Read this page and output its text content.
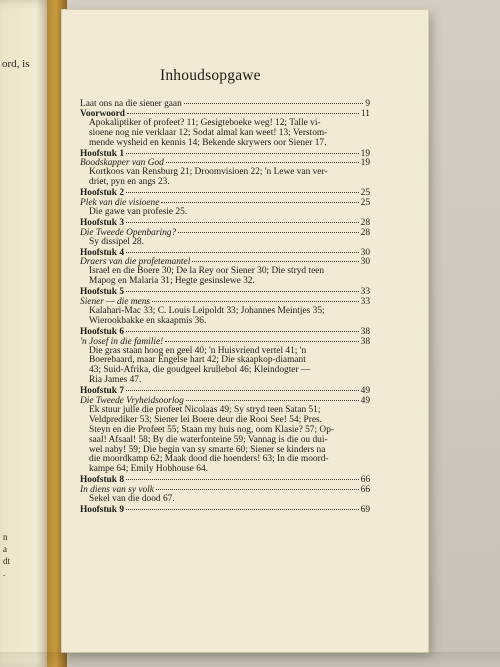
ord, is
n
a
dt
.
Inhoudsopgawe
Laat ons na die siener gaan	9
Voorwoord	11
Apokaliptiker of profeet? 11; Gesigteboeke weg! 12; Talle vi-
sioene nog nie verklaar 12; Sodat almal kan weet! 13; Verstom-
mende wysheid en kennis 14; Bekende skrywers oor Siener 17.
Hoofstuk 1	19
Boodskapper van God	19
Kortkoos van Rensburg 21; Droomvisioen 22; 'n Lewe van ver-
driet, pyn en angs 23.
Hoofstuk 2	25
Plek van die visioene	25
Die gawe van profesie 25.
Hoofstuk 3	28
Die Tweede Openbaring?	28
Sy dissipel 28.
Hoofstuk 4	30
Draers van die profetemantel	30
Israel en die Boere 30; De la Rey oor Siener 30; Die stryd teen
Mapog en Malaria 31; Hegte gesinslewe 32.
Hoofstuk 5	33
Siener — die mens	33
Kalahari-Mac 33; C. Louis Leipoldt 33; Johannes Meintjes 35;
Wierookbakke en skaapmis 36.
Hoofstuk 6	38
'n Josef in die familie!	38
Die gras staan hoog en geel 40; 'n Huisvriend vertel 41; 'n
Boerebaard, maar Engelse hart 42; Die skaapkop-diamant
43; Suid-Afrika, die goudgeel krullebol 46; Kleindogter —
Ria James 47.
Hoofstuk 7	49
Die Tweede Vryheidsoorlog	49
Ek stuur julle die profeet Nicolaas 49; Sy stryd teen Satan 51;
Veldprediker 53; Siener lei Boere deur die Rooi See! 54; Pres.
Steyn en die Profeet 55; Staan my huis nog, oom Klasie? 57; Op-
saal! Afsaal! 58; By die waterfonteine 59; Vannag is die ou dui-
wel naby! 59; Die begin van sy smarte 60; Siener se kinders na
die moordkamp 62; Maak dood die hoenders! 63; In die moord-
kampe 64; Emily Hobhouse 64.
Hoofstuk 8	66
In diens van sy volk	66
Sekel van die dood 67.
Hoofstuk 9	69
